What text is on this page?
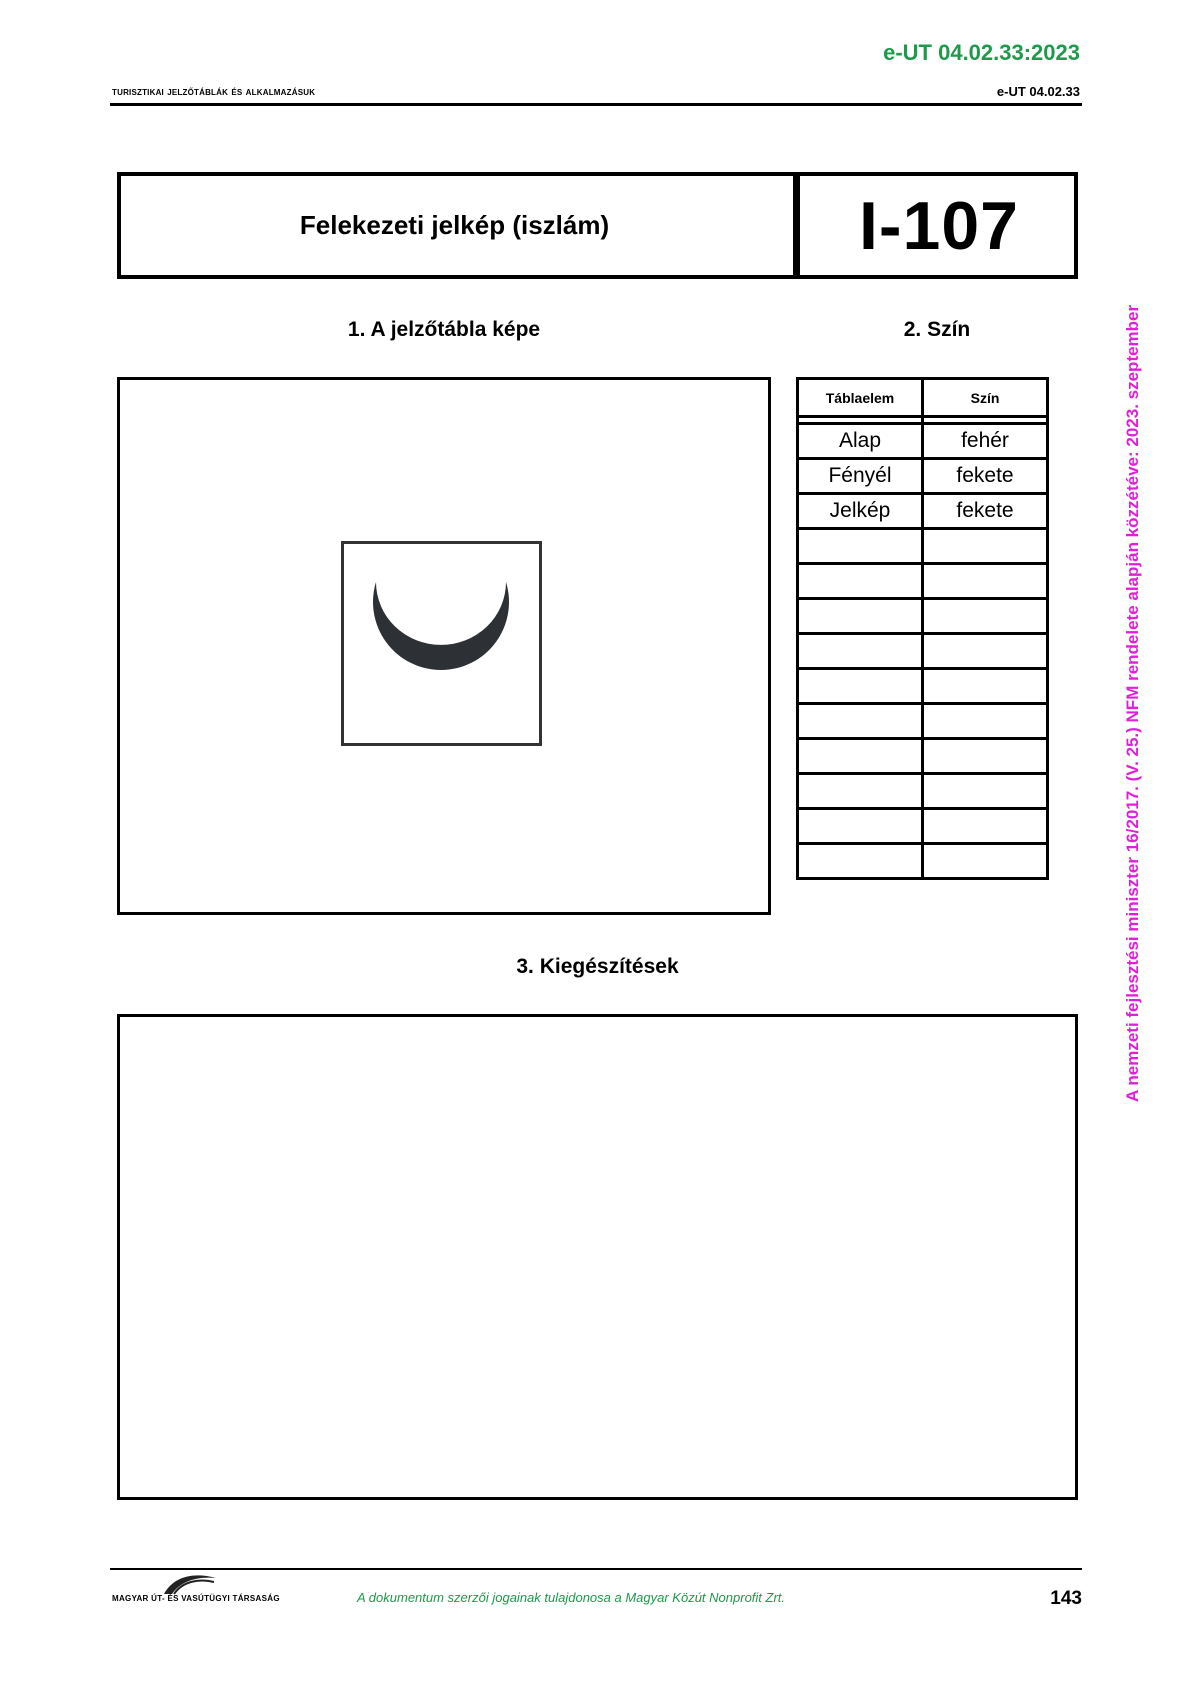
e-UT 04.02.33:2023
turisztikai jelzőtáblák és alkalmazásuk	e-UT 04.02.33
Felekezeti jelkép (iszlám)	I-107
1. A jelzőtábla képe	2. Szín
Táblaelem	Szín

Alap	fehér
Fényél	fekete
Jelkép	fekete

3. Kiegészítések	A nemzeti fejlesztési miniszter 16/2017. (V. 25.) NFM rendelete alapján közzétéve: 2023. szeptember
MAGYAR ÚT- ÉS VASÚTÜGYI TÁRSASÁG	A dokumentum szerzői jogainak tulajdonosa a Magyar Közút Nonprofit Zrt.	143
